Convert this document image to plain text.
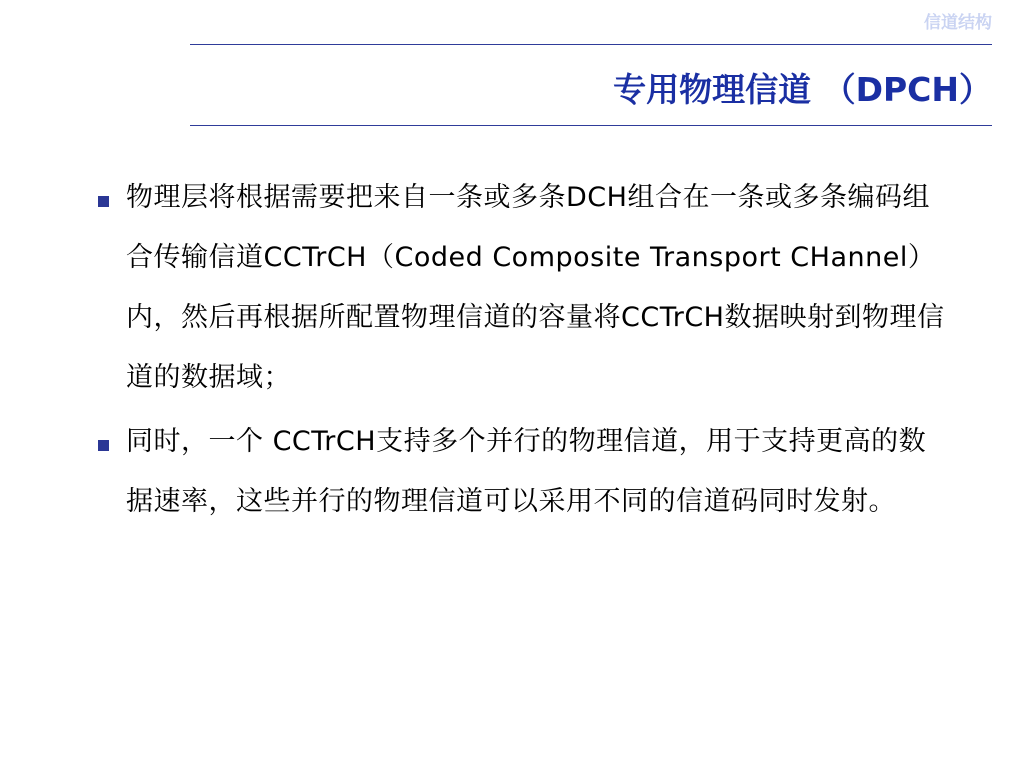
信道结构
专用物理信道 （DPCH）
物理层将根据需要把来自一条或多条DCH组合在一条或多条编码组合传输信道CCTrCH（Coded Composite Transport CHannel）内，然后再根据所配置物理信道的容量将CCTrCH数据映射到物理信道的数据域；
同时，一个 CCTrCH支持多个并行的物理信道，用于支持更高的数据速率，这些并行的物理信道可以采用不同的信道码同时发射。
